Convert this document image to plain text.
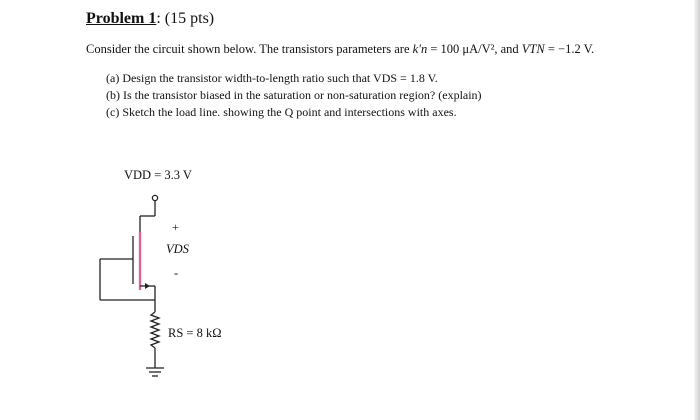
Problem 1: (15 pts)
Consider the circuit shown below. The transistors parameters are k′n = 100 μA/V², and VTN = −1.2 V.
(a) Design the transistor width-to-length ratio such that VDS = 1.8 V.
(b) Is the transistor biased in the saturation or non-saturation region? (explain)
(c) Sketch the load line. showing the Q point and intersections with axes.
VDD = 3.3 V
+
VDS
-
RS = 8 kΩ
